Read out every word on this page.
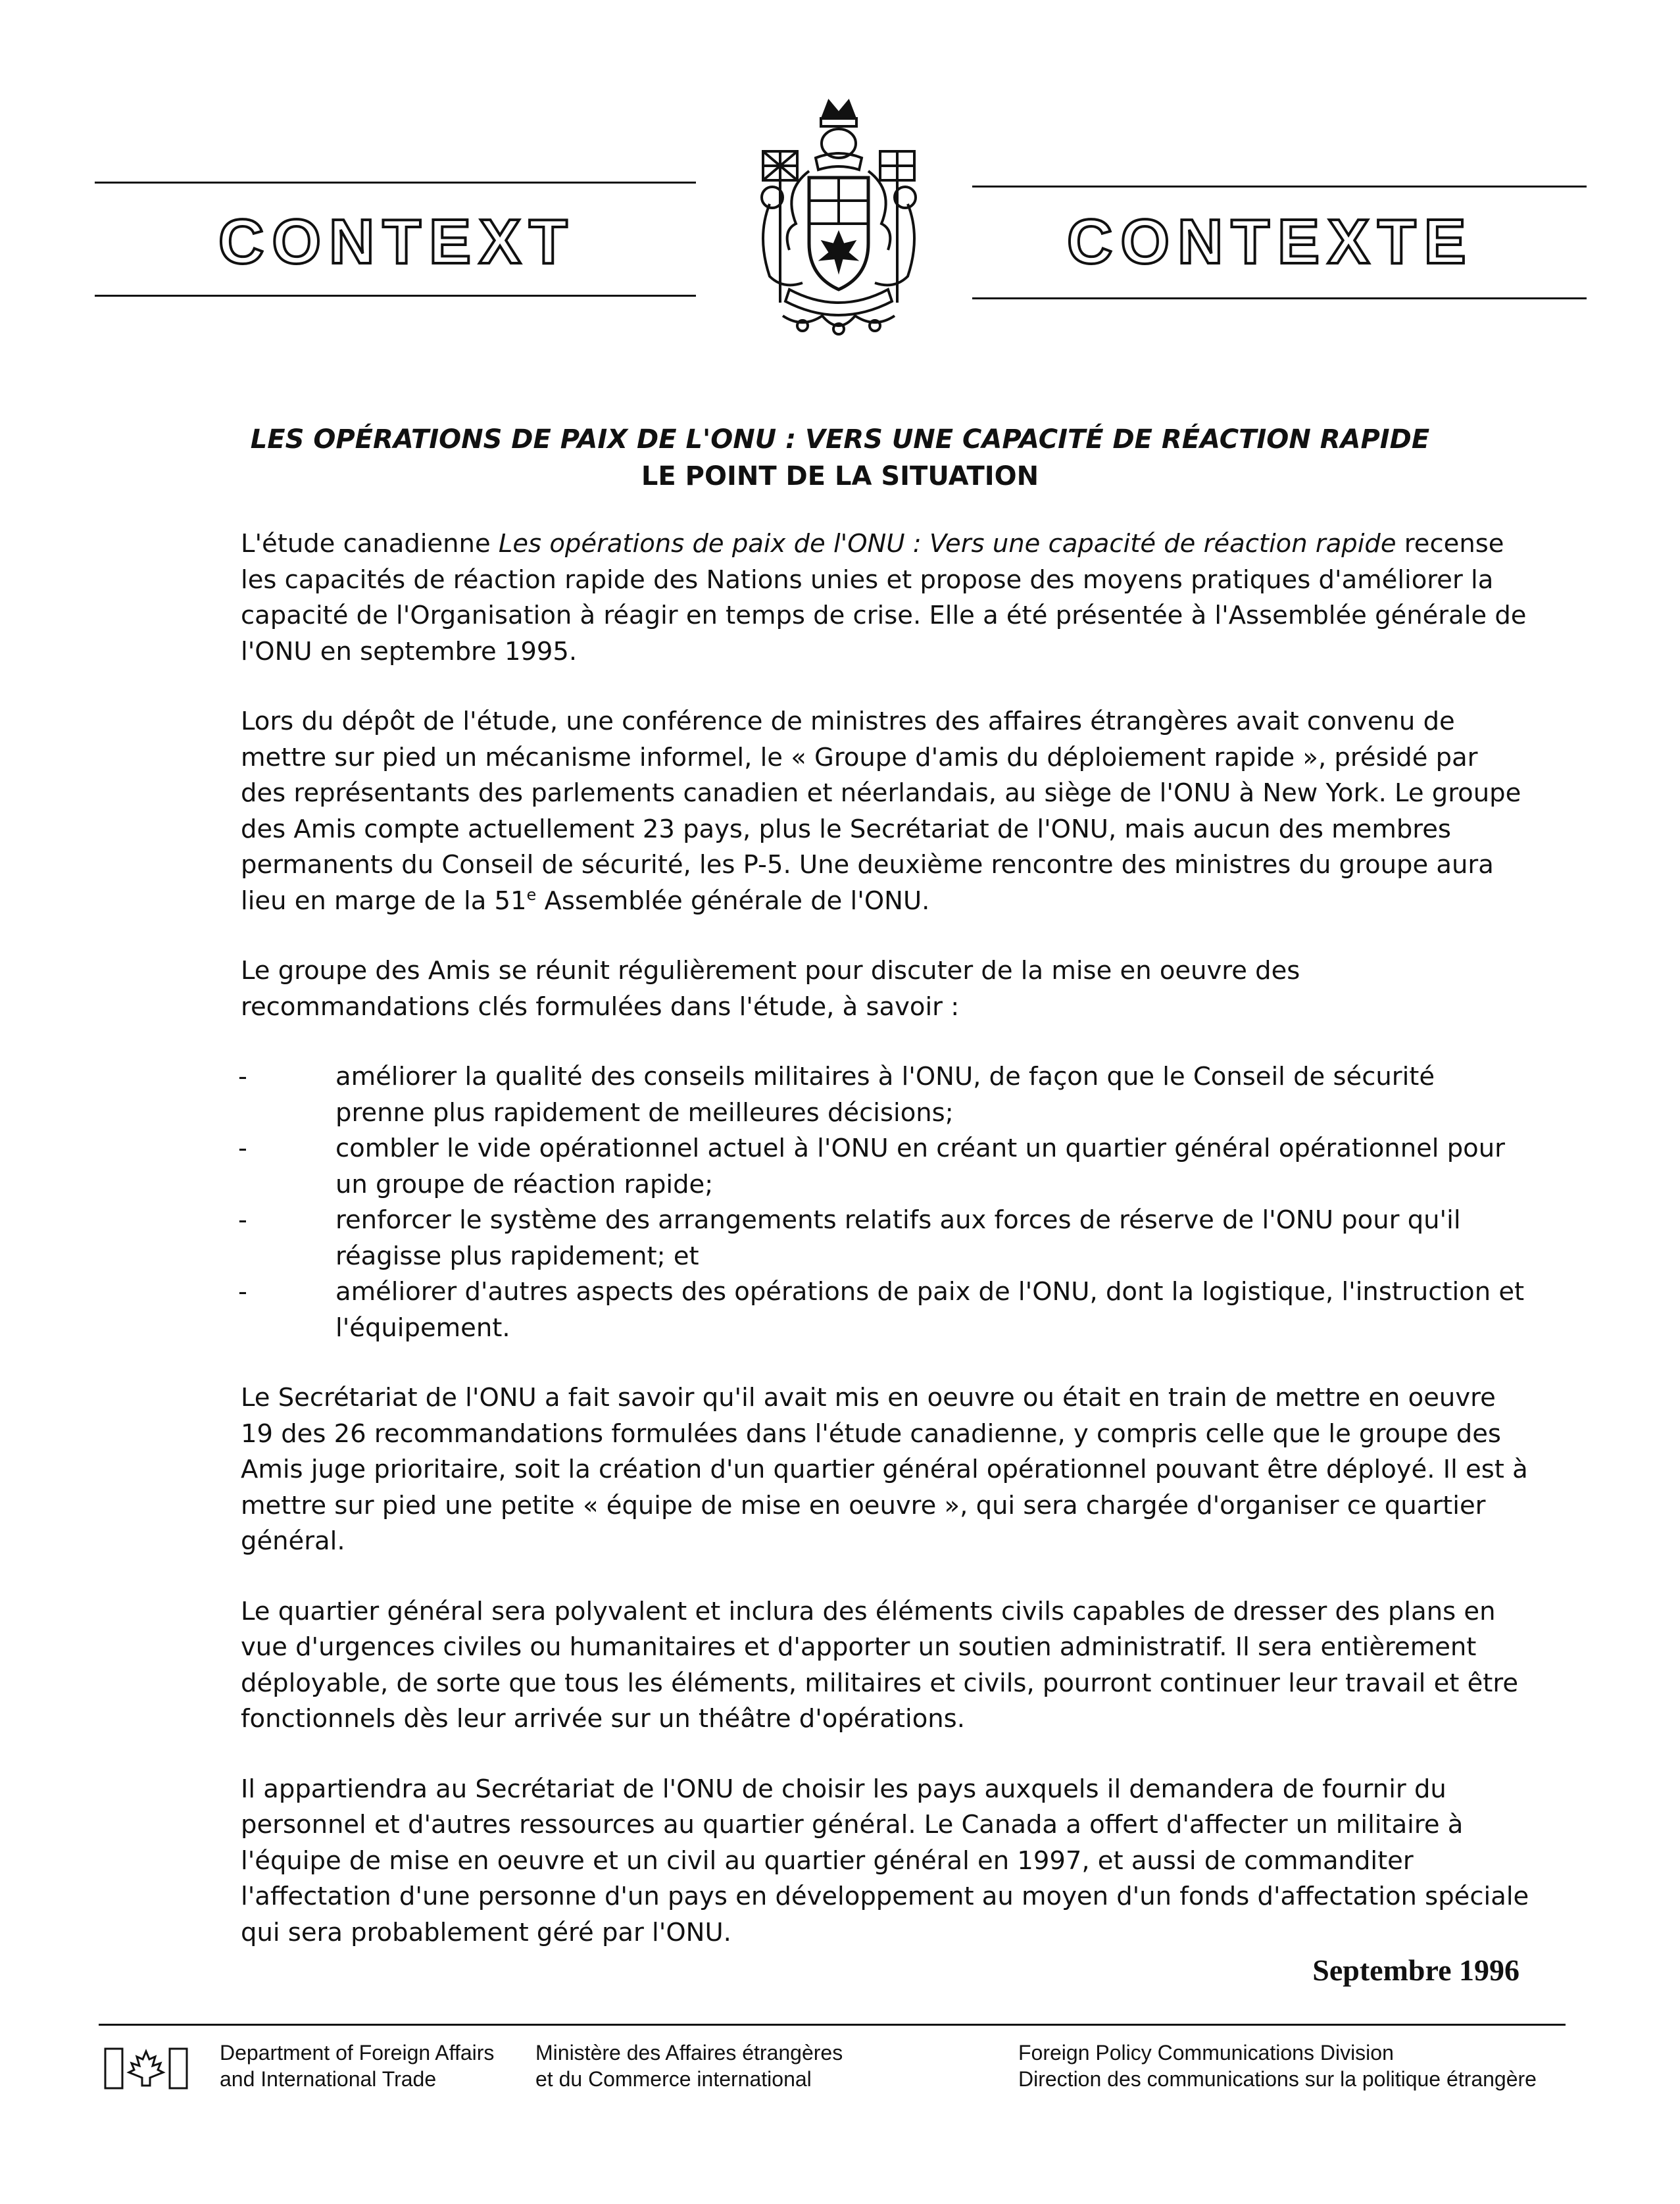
CONTEXT	CONTEXTE
LES OPÉRATIONS DE PAIX DE L'ONU : VERS UNE CAPACITÉ DE RÉACTION RAPIDE
LE POINT DE LA SITUATION

L'étude canadienne Les opérations de paix de l'ONU : Vers une capacité de réaction rapide recense les capacités de réaction rapide des Nations unies et propose des moyens pratiques d'améliorer la capacité de l'Organisation à réagir en temps de crise. Elle a été présentée à l'Assemblée générale de l'ONU en septembre 1995.

Lors du dépôt de l'étude, une conférence de ministres des affaires étrangères avait convenu de mettre sur pied un mécanisme informel, le « Groupe d'amis du déploiement rapide », présidé par des représentants des parlements canadien et néerlandais, au siège de l'ONU à New York. Le groupe des Amis compte actuellement 23 pays, plus le Secrétariat de l'ONU, mais aucun des membres permanents du Conseil de sécurité, les P-5. Une deuxième rencontre des ministres du groupe aura lieu en marge de la 51e Assemblée générale de l'ONU.

Le groupe des Amis se réunit régulièrement pour discuter de la mise en oeuvre des recommandations clés formulées dans l'étude, à savoir :

-	améliorer la qualité des conseils militaires à l'ONU, de façon que le Conseil de sécurité prenne plus rapidement de meilleures décisions;
-	combler le vide opérationnel actuel à l'ONU en créant un quartier général opérationnel pour un groupe de réaction rapide;
-	renforcer le système des arrangements relatifs aux forces de réserve de l'ONU pour qu'il réagisse plus rapidement; et
-	améliorer d'autres aspects des opérations de paix de l'ONU, dont la logistique, l'instruction et l'équipement.

Le Secrétariat de l'ONU a fait savoir qu'il avait mis en oeuvre ou était en train de mettre en oeuvre 19 des 26 recommandations formulées dans l'étude canadienne, y compris celle que le groupe des Amis juge prioritaire, soit la création d'un quartier général opérationnel pouvant être déployé. Il est à mettre sur pied une petite « équipe de mise en oeuvre », qui sera chargée d'organiser ce quartier général.

Le quartier général sera polyvalent et inclura des éléments civils capables de dresser des plans en vue d'urgences civiles ou humanitaires et d'apporter un soutien administratif. Il sera entièrement déployable, de sorte que tous les éléments, militaires et civils, pourront continuer leur travail et être fonctionnels dès leur arrivée sur un théâtre d'opérations.

Il appartiendra au Secrétariat de l'ONU de choisir les pays auxquels il demandera de fournir du personnel et d'autres ressources au quartier général. Le Canada a offert d'affecter un militaire à l'équipe de mise en oeuvre et un civil au quartier général en 1997, et aussi de commanditer l'affectation d'une personne d'un pays en développement au moyen d'un fonds d'affectation spéciale qui sera probablement géré par l'ONU.

Septembre 1996
Department of Foreign Affairs
and International Trade
Ministère des Affaires étrangères
et du Commerce international
Foreign Policy Communications Division
Direction des communications sur la politique étrangère
